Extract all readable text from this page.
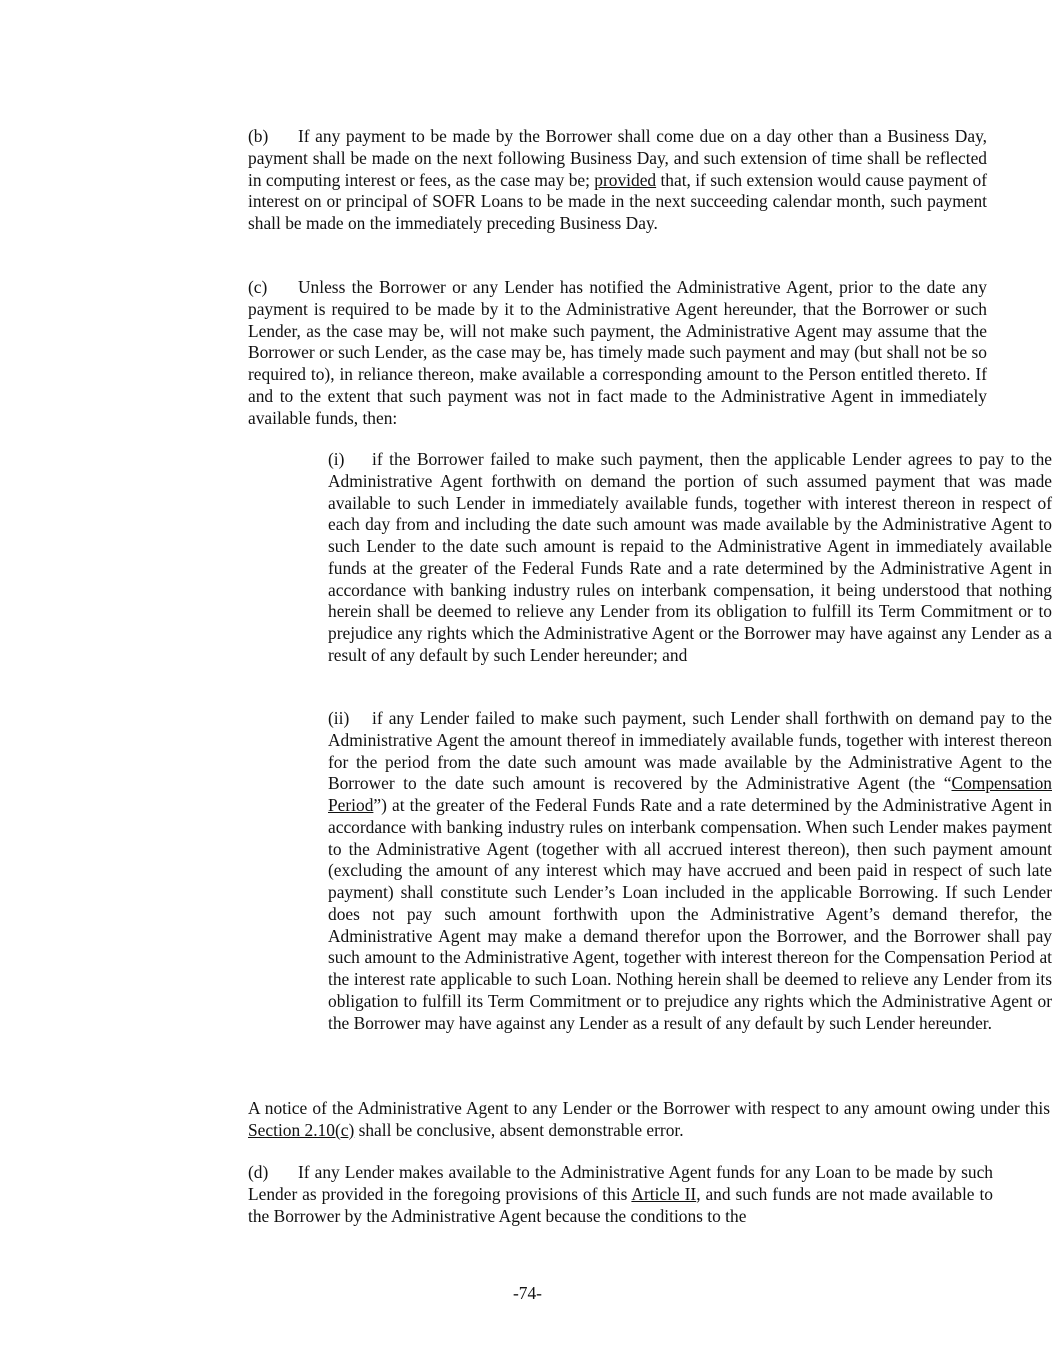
(b) If any payment to be made by the Borrower shall come due on a day other than a Business Day, payment shall be made on the next following Business Day, and such extension of time shall be reflected in computing interest or fees, as the case may be; provided that, if such extension would cause payment of interest on or principal of SOFR Loans to be made in the next succeeding calendar month, such payment shall be made on the immediately preceding Business Day.

(c) Unless the Borrower or any Lender has notified the Administrative Agent, prior to the date any payment is required to be made by it to the Administrative Agent hereunder, that the Borrower or such Lender, as the case may be, will not make such payment, the Administrative Agent may assume that the Borrower or such Lender, as the case may be, has timely made such payment and may (but shall not be so required to), in reliance thereon, make available a corresponding amount to the Person entitled thereto. If and to the extent that such payment was not in fact made to the Administrative Agent in immediately available funds, then:

(i) if the Borrower failed to make such payment, then the applicable Lender agrees to pay to the Administrative Agent forthwith on demand the portion of such assumed payment that was made available to such Lender in immediately available funds, together with interest thereon in respect of each day from and including the date such amount was made available by the Administrative Agent to such Lender to the date such amount is repaid to the Administrative Agent in immediately available funds at the greater of the Federal Funds Rate and a rate determined by the Administrative Agent in accordance with banking industry rules on interbank compensation, it being understood that nothing herein shall be deemed to relieve any Lender from its obligation to fulfill its Term Commitment or to prejudice any rights which the Administrative Agent or the Borrower may have against any Lender as a result of any default by such Lender hereunder; and

(ii) if any Lender failed to make such payment, such Lender shall forthwith on demand pay to the Administrative Agent the amount thereof in immediately available funds, together with interest thereon for the period from the date such amount was made available by the Administrative Agent to the Borrower to the date such amount is recovered by the Administrative Agent (the “Compensation Period”) at the greater of the Federal Funds Rate and a rate determined by the Administrative Agent in accordance with banking industry rules on interbank compensation. When such Lender makes payment to the Administrative Agent (together with all accrued interest thereon), then such payment amount (excluding the amount of any interest which may have accrued and been paid in respect of such late payment) shall constitute such Lender’s Loan included in the applicable Borrowing. If such Lender does not pay such amount forthwith upon the Administrative Agent’s demand therefor, the Administrative Agent may make a demand therefor upon the Borrower, and the Borrower shall pay such amount to the Administrative Agent, together with interest thereon for the Compensation Period at the interest rate applicable to such Loan. Nothing herein shall be deemed to relieve any Lender from its obligation to fulfill its Term Commitment or to prejudice any rights which the Administrative Agent or the Borrower may have against any Lender as a result of any default by such Lender hereunder.

A notice of the Administrative Agent to any Lender or the Borrower with respect to any amount owing under this Section 2.10(c) shall be conclusive, absent demonstrable error.

(d) If any Lender makes available to the Administrative Agent funds for any Loan to be made by such Lender as provided in the foregoing provisions of this Article II, and such funds are not made available to the Borrower by the Administrative Agent because the conditions to the

-74-
